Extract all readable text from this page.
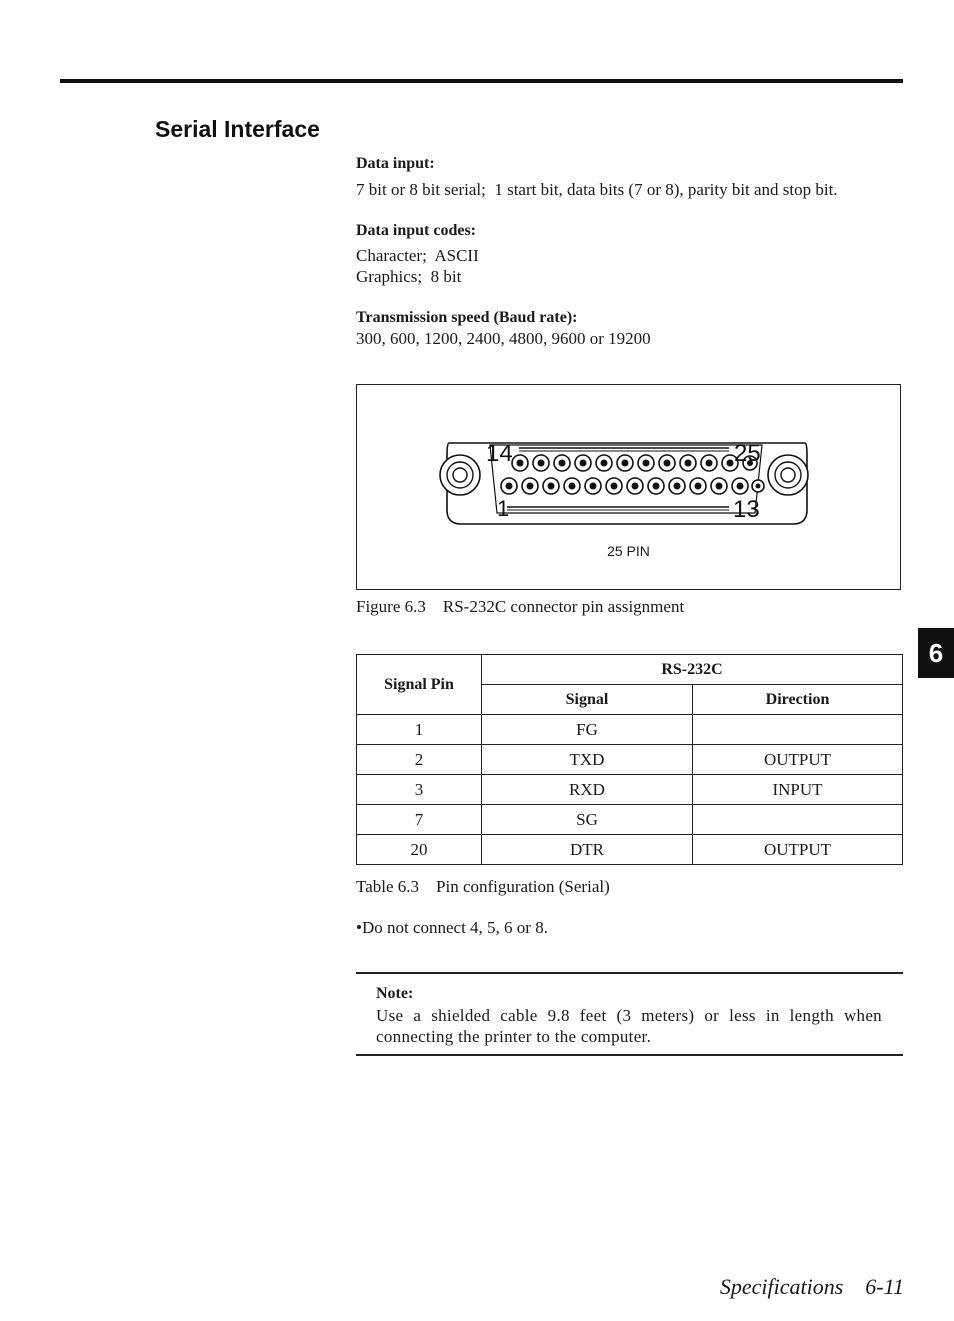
Serial Interface
Data input:
7 bit or 8 bit serial;  1 start bit, data bits (7 or 8), parity bit and stop bit.
Data input codes:
Character;  ASCII
Graphics;  8 bit
Transmission speed (Baud rate):
300, 600, 1200, 2400, 4800, 9600 or 19200
14	25
1	13
25 PIN
Figure 6.3    RS-232C connector pin assignment
Signal Pin	RS-232C	
	Signal	Direction
1	FG	
2	TXD	OUTPUT
3	RXD	INPUT
7	SG	
20	DTR	OUTPUT
Table 6.3    Pin configuration (Serial)
•Do not connect 4, 5, 6 or 8.
6
Note:
Use a shielded cable 9.8 feet (3 meters) or less in length when connecting the printer to the computer.
Specifications    6-11
